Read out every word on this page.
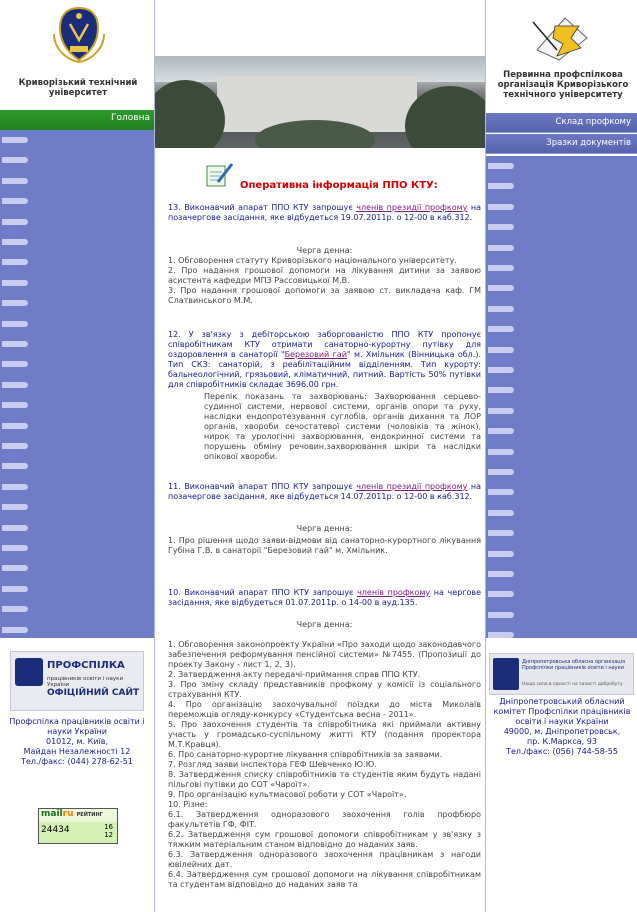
Криворізький технічний
університет
Головна
ПРОФСПІЛКА
працівників освіти і науки України
ОФІЦІЙНИЙ САЙТ
Профспілка працівників освіти і
науки України
01012, м. Київ,
Майдан Незалежності 12
Тел./факс: (044) 278-62-51
mailru РЕЙТИНГ
24434	16
12
Первинна профспілкова
організація Криворізького
технічного університету
Склад профкому
Зразки документів
Дніпропетровська обласна організація Профспілки працівників освіти і науки
Наша сила в єдності на захисті добробуту
Дніпропетровський обласний
комітет Профспілки працівників
освіти і науки України
49000, м. Дніпропетровськ,
пр. К.Маркса, 93
Тел./факс: (056) 744-58-55
Оперативна інформація ППО КТУ:
13. Виконавчий апарат ППО КТУ запрошує членів президії профкому на позачергове засідання, яке відбудеться 19.07.2011р. о 12-00 в каб.312.
Черга денна:
1. Обговорення статуту Криворізького національного університету.
2. Про надання грошової допомоги на лікування дитини за заявою асистента кафедри МПЗ Рассовицької М.В.
3. Про надання грошової допомоги за заявою ст. викладача каф. ГМ Слатвинського М.М.
12. У зв'язку з дебіторською заборгованістю ППО КТУ пропонує співробітникам КТУ отримати санаторно-курортну путівку для оздоровлення в санаторії "Березовий гай" м. Хмільник (Вінницька обл.). Тип СКЗ: санаторій, з реабілітаційним відділенням. Тип курорту: бальнеологічний, грязьовий, кліматичний, питний. Вартість 50% путівки для співробітників складає 3696.00 грн.
Перелік показань та захворювань: Захворювання серцево-судинної системи, нервової системи, органів опори та руху, наслідки ендопротезування суглобів, органів дихання та ЛОР органів, хвороби сечостатевої системи (чоловіків та жінок), нирок та урологічні захворювання, ендокринної системи та порушень обміну речовин,захворювання шкіри та наслідки опікової хвороби.
11. Виконавчий апарат ППО КТУ запрошує членів президії профкому на позачергове засідання, яке відбудеться 14.07.2011р. о 12-00 в каб.312.
Черга денна:
1. Про рішення щодо заяви-відмови від санаторно-курортного лікування Губіна Г.В. в санаторії "Березовий гай" м. Хмільник.
10. Виконавчий апарат ППО КТУ запрошує членів профкому на чергове засідання, яке відбудеться 01.07.2011р. о 14-00 в ауд.135.
Черга денна:
1. Обговорення законопроекту України «Про заходи щодо законодавчого забезпечення реформування пенсійної системи» №7455. (Пропозиції до проекту Закону - лист 1, 2, 3).
2. Затвердження акту передачі-приймання справ ППО КТУ.
3. Про зміну складу представників профкому у комісії із соціального страхування КТУ.
4. Про організацію заохочувальної поїздки до міста Миколаїв переможців огляду-конкурсу «Студентська весна - 2011».
5. Про заохочення студентів та співробітника які приймали активну участь у громадсько-суспільному житті КТУ (подання проректора М.Т.Кравця).
6. Про санаторно-курортне лікування співробітників за заявами.
7. Розгляд заяви інспектора ГЕФ Шевченко Ю.Ю.
8. Затвердження списку співробітників та студентів яким будуть надані пільгові путівки до СОТ «Чароїт».
9. Про організацію культмасової роботи у СОТ «Чароїт».
10. Різне:
6.1. Затвердження одноразового заохочення голів профбюро факультетів ГФ, ФІТ.
6.2. Затвердження сум грошової допомоги співробітникам у зв'язку з тяжким матеріальним станом відповідно до наданих заяв.
6.3. Затвердження одноразового заохочення працівникам з нагоди ювілейних дат.
6.4. Затвердження сум грошової допомоги на лікування співробітникам та студентам відповідно до наданих заяв та
